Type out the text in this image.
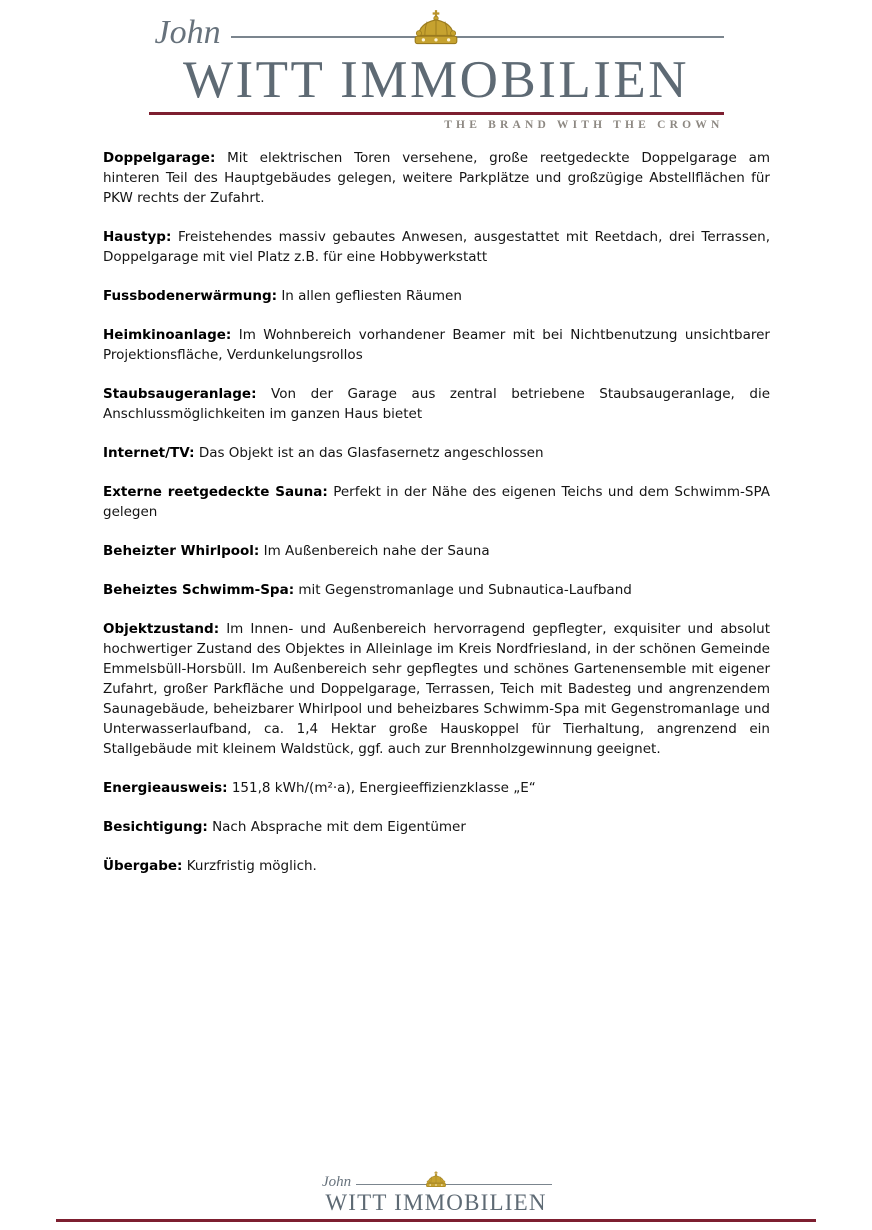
John
WITT IMMOBILIEN
THE BRAND WITH THE CROWN

Doppelgarage: Mit elektrischen Toren versehene, große reetgedeckte Doppelgarage am hinteren Teil des Hauptgebäudes gelegen, weitere Parkplätze und großzügige Abstellflächen für PKW rechts der Zufahrt.

Haustyp: Freistehendes massiv gebautes Anwesen, ausgestattet mit Reetdach, drei Terrassen, Doppelgarage mit viel Platz z.B. für eine Hobbywerkstatt

Fussbodenerwärmung: In allen gefliesten Räumen

Heimkinoanlage: Im Wohnbereich vorhandener Beamer mit bei Nichtbenutzung unsichtbarer Projektionsfläche, Verdunkelungsrollos

Staubsaugeranlage: Von der Garage aus zentral betriebene Staubsaugeranlage, die Anschlussmöglichkeiten im ganzen Haus bietet

Internet/TV: Das Objekt ist an das Glasfasernetz angeschlossen

Externe reetgedeckte Sauna: Perfekt in der Nähe des eigenen Teichs und dem Schwimm-SPA gelegen

Beheizter Whirlpool: Im Außenbereich nahe der Sauna

Beheiztes Schwimm-Spa: mit Gegenstromanlage und Subnautica-Laufband

Objektzustand: Im Innen- und Außenbereich hervorragend gepflegter, exquisiter und absolut hochwertiger Zustand des Objektes in Alleinlage im Kreis Nordfriesland, in der schönen Gemeinde Emmelsbüll-Horsbüll. Im Außenbereich sehr gepflegtes und schönes Gartenensemble mit eigener Zufahrt, großer Parkfläche und Doppelgarage, Terrassen, Teich mit Badesteg und angrenzendem Saunagebäude, beheizbarer Whirlpool und beheizbares Schwimm-Spa mit Gegenstromanlage und Unterwasserlaufband, ca. 1,4 Hektar große Hauskoppel für Tierhaltung, angrenzend ein Stallgebäude mit kleinem Waldstück, ggf. auch zur Brennholzgewinnung geeignet.

Energieausweis: 151,8 kWh/(m²·a), Energieeffizienzklasse „E“

Besichtigung: Nach Absprache mit dem Eigentümer

Übergabe: Kurzfristig möglich.

John
WITT IMMOBILIEN
